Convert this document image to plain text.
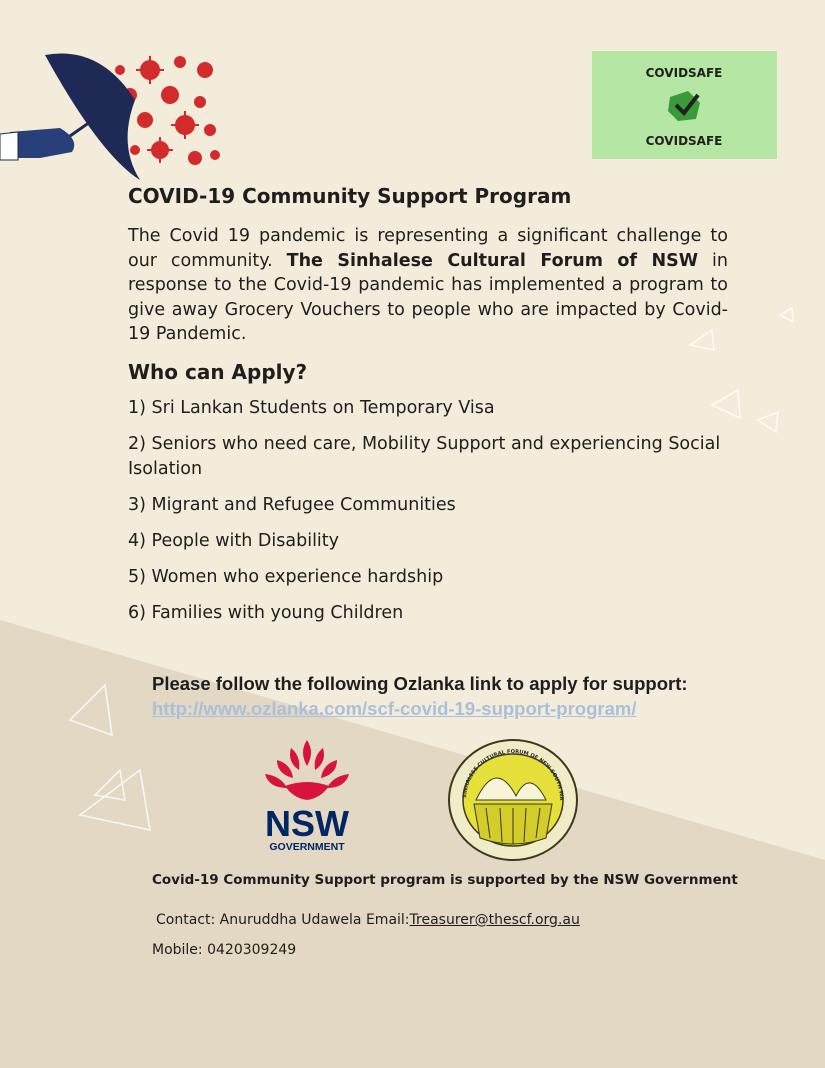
COVIDSAFE
COVIDSAFE
COVID-19 Community Support Program

The Covid 19 pandemic is representing a significant challenge to our community. The Sinhalese Cultural Forum of NSW in response to the Covid-19 pandemic has implemented a program to give away Grocery Vouchers to people who are impacted by Covid-19 Pandemic.

Who can Apply?
1) Sri Lankan Students on Temporary Visa
2) Seniors who need care, Mobility Support and experiencing Social Isolation
3) Migrant and Refugee Communities
4) People with Disability
5) Women who experience hardship
6) Families with young Children

Please follow the following Ozlanka link to apply for support:

http://www.ozlanka.com/scf-covid-19-support-program/
NSW
GOVERNMENT
SINHALESE CULTURAL FORUM OF NEW SOUTH WA

Covid-19 Community Support program is supported by the NSW Government

Contact: Anuruddha Udawela Email:Treasurer@thescf.org.au

Mobile: 0420309249
